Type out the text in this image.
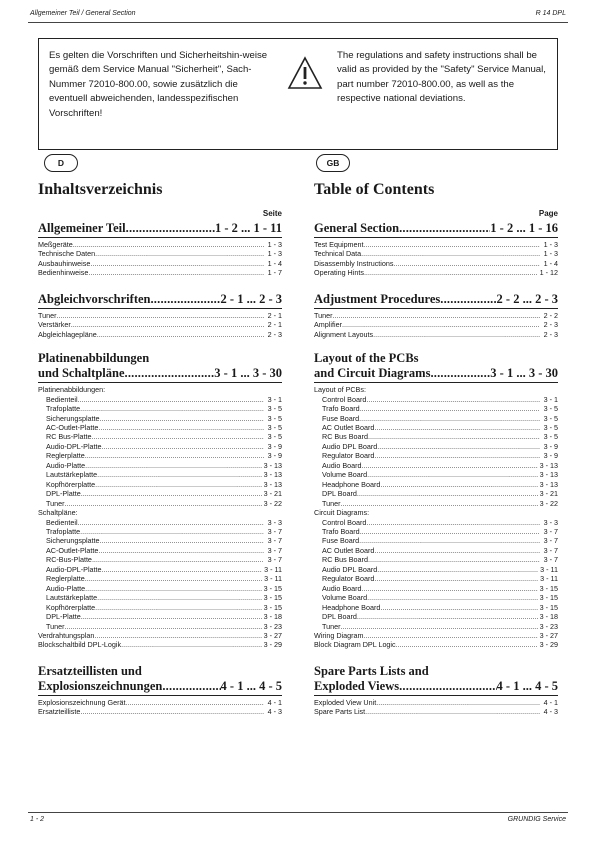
Allgemeiner Teil / General Section	R 14 DPL
Es gelten die Vorschriften und Sicherheitshin-weise gemäß dem Service Manual "Sicherheit", Sach-Nummer 72010-800.00, sowie zusätzlich die eventuell abweichenden, landesspezifischen Vorschriften!
The regulations and safety instructions shall be valid as provided by the "Safety" Service Manual, part number 72010-800.00, as well as the respective national deviations.
D	GB
Inhaltsverzeichnis
Seite
Allgemeiner Teil .....	1 - 2 ... 1 - 11
Meßgeräte .....	1 - 3
Technische Daten .....	1 - 3
Ausbauhinweise .....	1 - 4
Bedienhinweise .....	1 - 7
Abgleichvorschriften .....	2 - 1 ... 2 - 3
Tuner .....	2 - 1
Verstärker .....	2 - 1
Abgleichlagepläne .....	2 - 3
Platinenabbildungen
und Schaltpläne .....	3 - 1 ... 3 - 30
Platinenabbildungen:
Bedienteil .....	3 - 1
Trafoplatte .....	3 - 5
Sicherungsplatte .....	3 - 5
AC-Outlet-Platte .....	3 - 5
RC Bus-Platte .....	3 - 5
Audio-DPL-Platte .....	3 - 9
Reglerplatte .....	3 - 9
Audio-Platte .....	3 - 13
Lautstärkeplatte .....	3 - 13
Kopfhörerplatte .....	3 - 13
DPL-Platte .....	3 - 21
Tuner .....	3 - 22
Schaltpläne:
Bedienteil .....	3 - 3
Trafoplatte .....	3 - 7
Sicherungsplatte .....	3 - 7
AC-Outlet-Platte .....	3 - 7
RC-Bus-Platte .....	3 - 7
Audio-DPL-Platte .....	3 - 11
Reglerplatte .....	3 - 11
Audio-Platte .....	3 - 15
Lautstärkeplatte .....	3 - 15
Kopfhörerplatte .....	3 - 15
DPL-Platte .....	3 - 18
Tuner .....	3 - 23
Verdrahtungsplan .....	3 - 27
Blockschaltbild DPL-Logik .....	3 - 29
Ersatzteillisten und
Explosionszeichnungen .....	4 - 1 ... 4 - 5
Explosionszeichnung Gerät .....	4 - 1
Ersatzteilliste .....	4 - 3
Table of Contents
Page
General Section .....	1 - 2 ... 1 - 16
Test Equipment .....	1 - 3
Technical Data .....	1 - 3
Disassembly Instructions .....	1 - 4
Operating Hints .....	1 - 12
Adjustment Procedures .....	2 - 2 ... 2 - 3
Tuner .....	2 - 2
Amplifier .....	2 - 3
Alignment Layouts .....	2 - 3
Layout of the PCBs
and Circuit Diagrams .....	3 - 1 ... 3 - 30
Layout of PCBs:
Control Board .....	3 - 1
Trafo Board .....	3 - 5
Fuse Board .....	3 - 5
AC Outlet Board .....	3 - 5
RC Bus Board .....	3 - 5
Audio DPL Board .....	3 - 9
Regulator Board .....	3 - 9
Audio Board .....	3 - 13
Volume Board .....	3 - 13
Headphone Board .....	3 - 13
DPL Board .....	3 - 21
Tuner .....	3 - 22
Circuit Diagrams:
Control Board .....	3 - 3
Trafo Board .....	3 - 7
Fuse Board .....	3 - 7
AC Outlet Board .....	3 - 7
RC Bus Board .....	3 - 7
Audio DPL Board .....	3 - 11
Regulator Board .....	3 - 11
Audio Board .....	3 - 15
Volume Board .....	3 - 15
Headphone Board .....	3 - 15
DPL Board .....	3 - 18
Tuner .....	3 - 23
Wiring Diagram .....	3 - 27
Block Diagram DPL Logic .....	3 - 29
Spare Parts Lists and
Exploded Views .....	4 - 1 ... 4 - 5
Exploded View Unit .....	4 - 1
Spare Parts List .....	4 - 3
1 - 2	GRUNDIG Service
